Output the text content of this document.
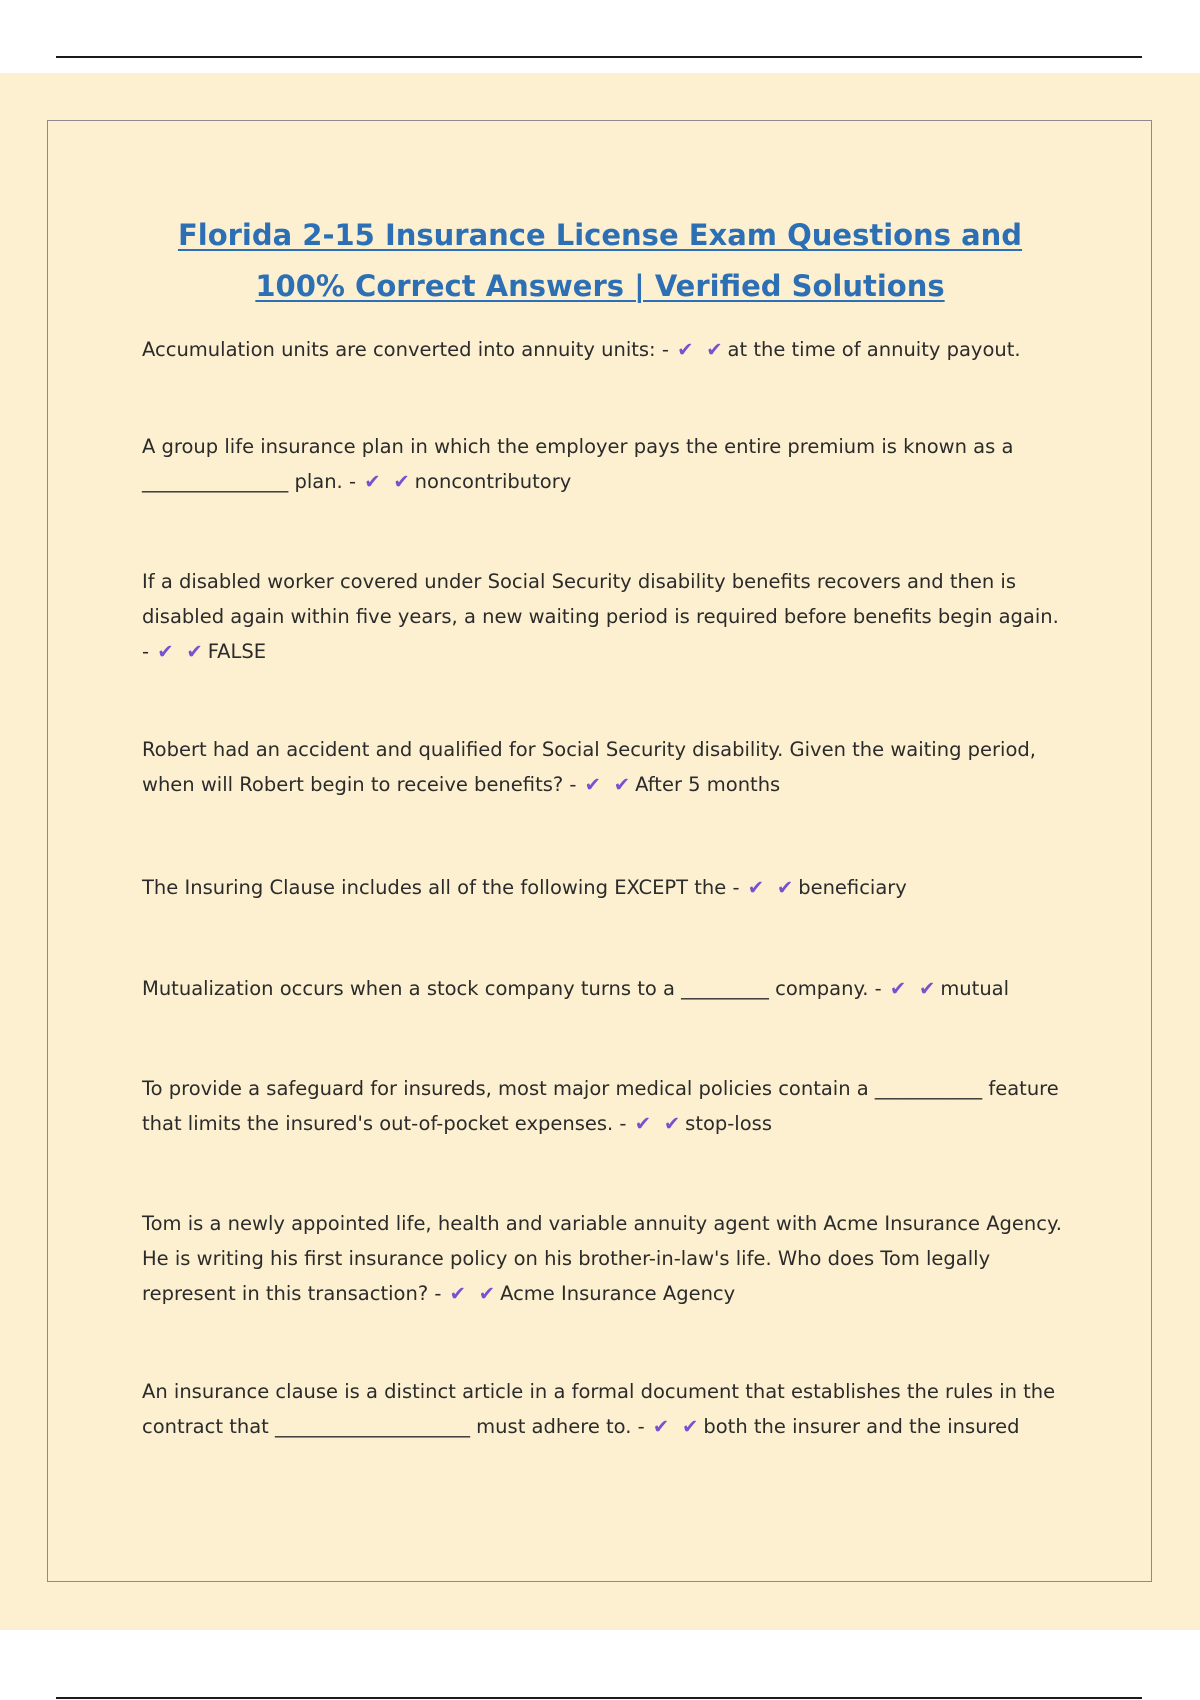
Florida 2-15 Insurance License Exam Questions and 100% Correct Answers | Verified Solutions

Accumulation units are converted into annuity units: - ✔ ✔ at the time of annuity payout.

A group life insurance plan in which the employer pays the entire premium is known as a _______________ plan. - ✔ ✔ noncontributory

If a disabled worker covered under Social Security disability benefits recovers and then is disabled again within five years, a new waiting period is required before benefits begin again. - ✔ ✔ FALSE

Robert had an accident and qualified for Social Security disability. Given the waiting period, when will Robert begin to receive benefits? - ✔ ✔ After 5 months

The Insuring Clause includes all of the following EXCEPT the - ✔ ✔ beneficiary

Mutualization occurs when a stock company turns to a _________ company. - ✔ ✔ mutual

To provide a safeguard for insureds, most major medical policies contain a ___________ feature that limits the insured's out-of-pocket expenses. - ✔ ✔ stop-loss

Tom is a newly appointed life, health and variable annuity agent with Acme Insurance Agency. He is writing his first insurance policy on his brother-in-law's life. Who does Tom legally represent in this transaction? - ✔ ✔ Acme Insurance Agency

An insurance clause is a distinct article in a formal document that establishes the rules in the contract that ____________________ must adhere to. - ✔ ✔ both the insurer and the insured
